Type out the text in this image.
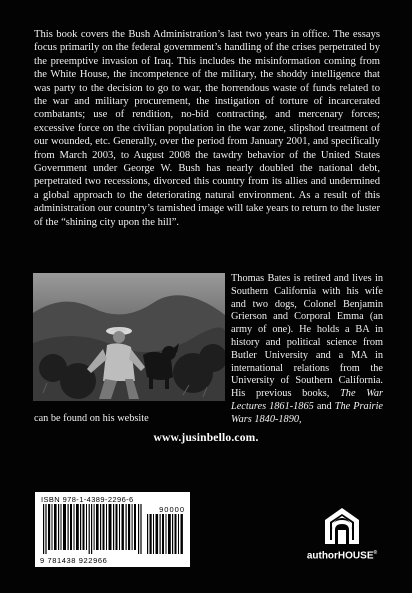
This book covers the Bush Administration’s last two years in office. The essays focus primarily on the federal government’s handling of the crises perpetrated by the preemptive invasion of Iraq. This includes the misinformation coming from the White House, the incompetence of the military, the shoddy intelligence that was party to the decision to go to war, the horrendous waste of funds related to the war and military procurement, the instigation of torture of incarcerated combatants; use of rendition, no-bid contracting, and mercenary forces; excessive force on the civilian population in the war zone, slipshod treatment of our wounded, etc. Generally, over the period from January 2001, and specifically from March 2003, to August 2008 the tawdry behavior of the United States Government under George W. Bush has nearly doubled the national debt, perpetrated two recessions, divorced this country from its allies and undermined a global approach to the deteriorating natural environment. As a result of this administration our country’s tarnished image will take years to return to the luster of the “shining city upon the hill”.

Thomas Bates is retired and lives in Southern California with his wife and two dogs, Colonel Benjamin Grierson and Corporal Emma (an army of one). He holds a BA in history and political science from Butler University and a MA in international relations from the University of Southern California. His previous books, The War Lectures 1861-1865 and The Prairie Wars 1840-1890,
can be found on his website
www.jusinbello.com.
ISBN 978-1-4389-2296-6
90000
9 781438 922966	authorHOUSE®
